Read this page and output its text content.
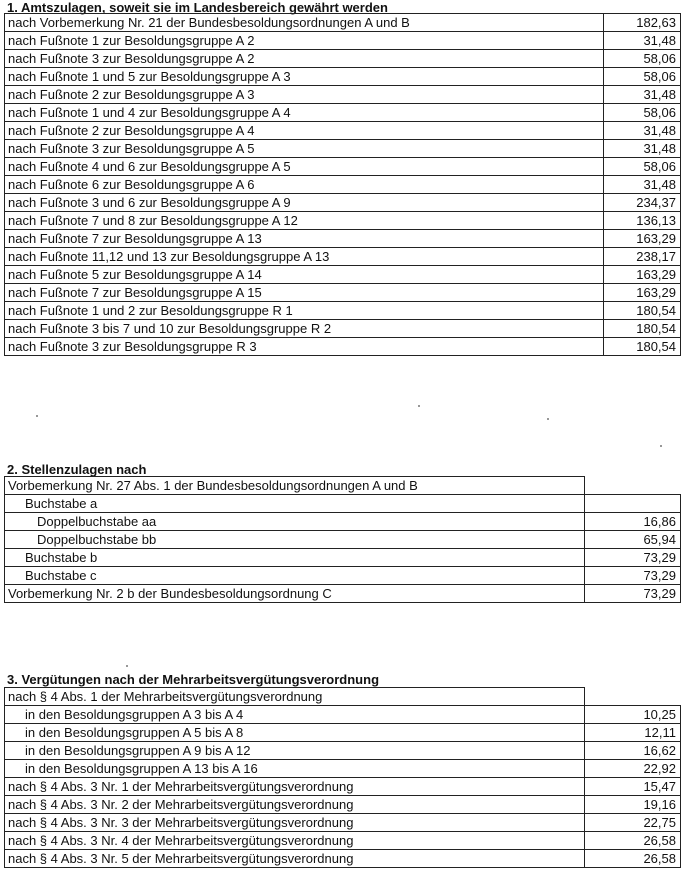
1. Amtszulagen, soweit sie im Landesbereich gewährt werden
nach Vorbemerkung Nr. 21 der Bundesbesoldungsordnungen A und B	182,63
nach Fußnote 1 zur Besoldungsgruppe A 2	31,48
nach Fußnote 3 zur Besoldungsgruppe A 2	58,06
nach Fußnote 1 und 5 zur Besoldungsgruppe A 3	58,06
nach Fußnote 2 zur Besoldungsgruppe A 3	31,48
nach Fußnote 1 und 4 zur Besoldungsgruppe A 4	58,06
nach Fußnote 2 zur Besoldungsgruppe A 4	31,48
nach Fußnote 3 zur Besoldungsgruppe A 5	31,48
nach Fußnote 4 und 6 zur Besoldungsgruppe A 5	58,06
nach Fußnote 6 zur Besoldungsgruppe A 6	31,48
nach Fußnote 3 und 6 zur Besoldungsgruppe A 9	234,37
nach Fußnote 7 und 8 zur Besoldungsgruppe A 12	136,13
nach Fußnote 7 zur Besoldungsgruppe A 13	163,29
nach Fußnote 11,12 und 13 zur Besoldungsgruppe A 13	238,17
nach Fußnote 5 zur Besoldungsgruppe A 14	163,29
nach Fußnote 7 zur Besoldungsgruppe A 15	163,29
nach Fußnote 1 und 2 zur Besoldungsgruppe R 1	180,54
nach Fußnote 3 bis 7 und 10 zur Besoldungsgruppe R 2	180,54
nach Fußnote 3 zur Besoldungsgruppe R 3	180,54
2. Stellenzulagen nach
Vorbemerkung Nr. 27 Abs. 1 der Bundesbesoldungsordnungen A und B	
Buchstabe a	
Doppelbuchstabe aa	16,86
Doppelbuchstabe bb	65,94
Buchstabe b	73,29
Buchstabe c	73,29
Vorbemerkung Nr. 2 b der Bundesbesoldungsordnung C	73,29
3. Vergütungen nach der Mehrarbeitsvergütungsverordnung
nach § 4 Abs. 1 der Mehrarbeitsvergütungsverordnung	
in den Besoldungsgruppen A 3 bis A 4	10,25
in den Besoldungsgruppen A 5 bis A 8	12,11
in den Besoldungsgruppen A 9 bis A 12	16,62
in den Besoldungsgruppen A 13 bis A 16	22,92
nach § 4 Abs. 3 Nr. 1 der Mehrarbeitsvergütungsverordnung	15,47
nach § 4 Abs. 3 Nr. 2 der Mehrarbeitsvergütungsverordnung	19,16
nach § 4 Abs. 3 Nr. 3 der Mehrarbeitsvergütungsverordnung	22,75
nach § 4 Abs. 3 Nr. 4 der Mehrarbeitsvergütungsverordnung	26,58
nach § 4 Abs. 3 Nr. 5 der Mehrarbeitsvergütungsverordnung	26,58
